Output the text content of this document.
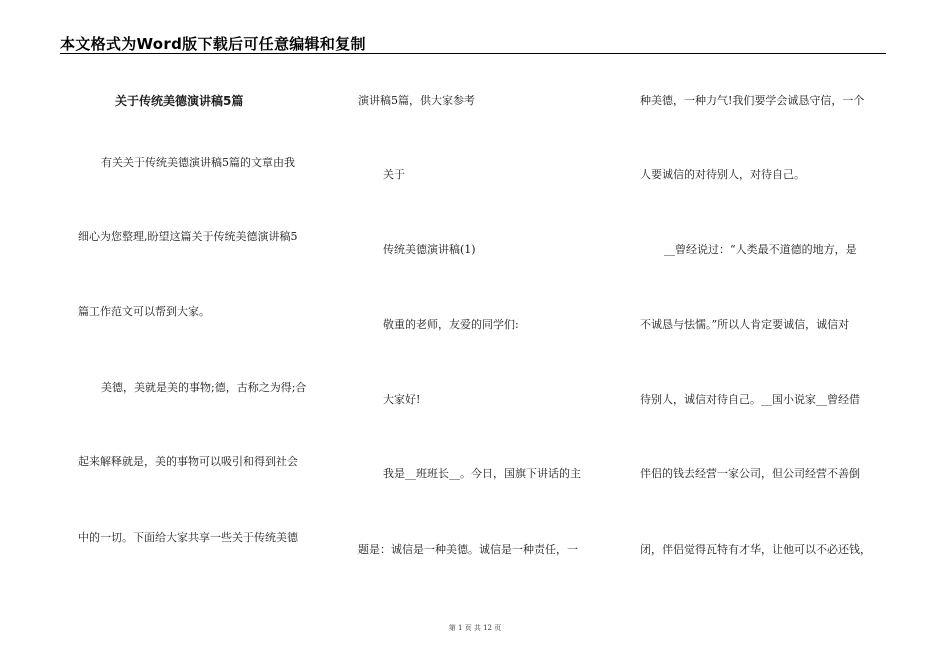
本文格式为Word版下载后可任意编辑和复制
关于传统美德演讲稿5篇
有关关于传统美德演讲稿5篇的文章由我
细心为您整理,盼望这篇关于传统美德演讲稿5
篇工作范文可以帮到大家。
美德，美就是美的事物;德，古称之为得;合
起来解释就是，美的事物可以吸引和得到社会
中的一切。下面给大家共享一些关于传统美德
演讲稿5篇，供大家参考
关于
传统美德演讲稿(1)
敬重的老师，友爱的同学们:
大家好!
我是__班班长__。今日，国旗下讲话的主
题是：诚信是一种美德。诚信是一种责任，一
种美德，一种力气!我们要学会诚恳守信，一个
人要诚信的对待别人，对待自己。
__曾经说过：“人类最不道德的地方，是
不诚恳与怯懦。”所以人肯定要诚信，诚信对
待别人，诚信对待自己。__国小说家__曾经借
伴侣的钱去经营一家公司，但公司经营不善倒
闭，伴侣觉得瓦特有才华，让他可以不必还钱，
第 1 页 共 12 页
